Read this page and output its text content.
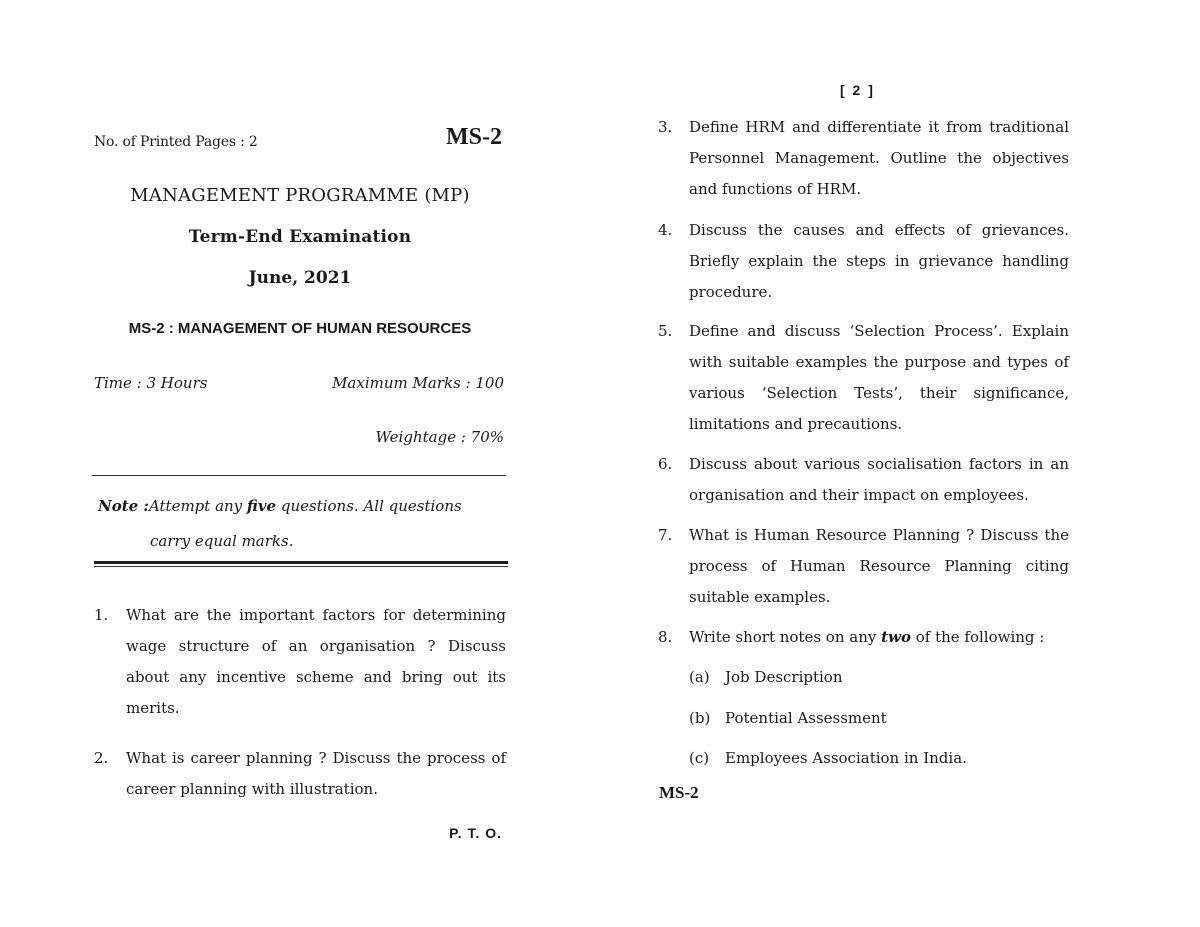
No. of Printed Pages : 2	MS-2
MANAGEMENT PROGRAMME (MP)
Term-End Examination
June, 2021
MS-2 : MANAGEMENT OF HUMAN RESOURCES
Time : 3 Hours	Maximum Marks : 100
Weightage : 70%
Note :Attempt any five questions. All questions
carry equal marks.
1. What are the important factors for determining wage structure of an organisation ? Discuss about any incentive scheme and bring out its merits.
2. What is career planning ? Discuss the process of career planning with illustration.
P. T. O.
[ 2 ]
3. Define HRM and differentiate it from traditional Personnel Management. Outline the objectives and functions of HRM.
4. Discuss the causes and effects of grievances. Briefly explain the steps in grievance handling procedure.
5. Define and discuss ‘Selection Process’. Explain with suitable examples the purpose and types of various ‘Selection Tests’, their significance, limitations and precautions.
6. Discuss about various socialisation factors in an organisation and their impact on employees.
7. What is Human Resource Planning ? Discuss the process of Human Resource Planning citing suitable examples.
8. Write short notes on any two of the following :
(a) Job Description
(b) Potential Assessment
(c) Employees Association in India.
MS-2
